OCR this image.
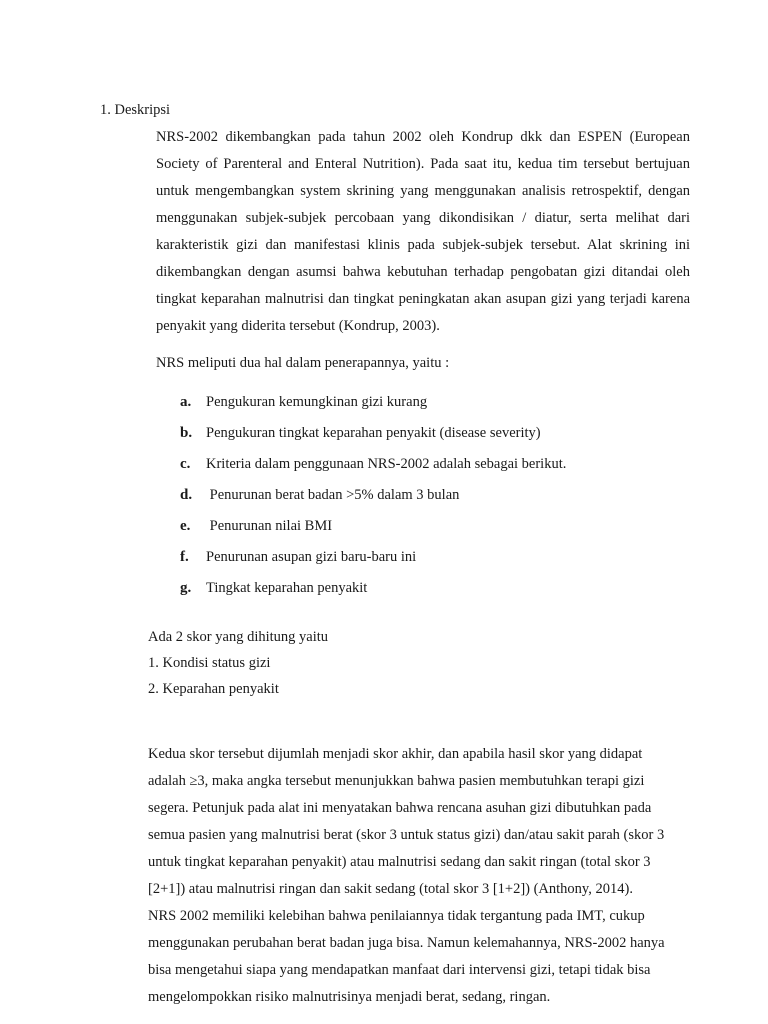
1. Deskripsi

NRS-2002 dikembangkan pada tahun 2002 oleh Kondrup dkk dan ESPEN (European Society of Parenteral and Enteral Nutrition). Pada saat itu, kedua tim tersebut bertujuan untuk mengembangkan system skrining yang menggunakan analisis retrospektif, dengan menggunakan subjek-subjek percobaan yang dikondisikan / diatur, serta melihat dari karakteristik gizi dan manifestasi klinis pada subjek-subjek tersebut. Alat skrining ini dikembangkan dengan asumsi bahwa kebutuhan terhadap pengobatan gizi ditandai oleh tingkat keparahan malnutrisi dan tingkat peningkatan akan asupan gizi yang terjadi karena penyakit yang diderita tersebut (Kondrup, 2003).

NRS meliputi dua hal dalam penerapannya, yaitu :

a.	Pengukuran kemungkinan gizi kurang
b. Pengukuran tingkat keparahan penyakit (disease severity)
c.	Kriteria dalam penggunaan NRS-2002 adalah sebagai berikut.
d. Penurunan berat badan >5% dalam 3 bulan
e.	Penurunan nilai BMI
f.	Penurunan asupan gizi baru-baru ini
g.	Tingkat keparahan penyakit
Ada 2 skor yang dihitung yaitu
1. Kondisi status gizi
2. Keparahan penyakit
Kedua skor tersebut dijumlah menjadi skor akhir, dan apabila hasil skor yang didapat
adalah ≥3, maka angka tersebut menunjukkan bahwa pasien membutuhkan terapi gizi
segera. Petunjuk pada alat ini menyatakan bahwa rencana asuhan gizi dibutuhkan pada
semua pasien yang malnutrisi berat (skor 3 untuk status gizi) dan/atau sakit parah (skor 3
untuk tingkat keparahan penyakit) atau malnutrisi sedang dan sakit ringan (total skor 3
[2+1]) atau malnutrisi ringan dan sakit sedang (total skor 3 [1+2]) (Anthony, 2014).
NRS 2002 memiliki kelebihan bahwa penilaiannya tidak tergantung pada IMT, cukup
menggunakan perubahan berat badan juga bisa. Namun kelemahannya, NRS-2002 hanya
bisa mengetahui siapa yang mendapatkan manfaat dari intervensi gizi, tetapi tidak bisa
mengelompokkan risiko malnutrisinya menjadi berat, sedang, ringan.
